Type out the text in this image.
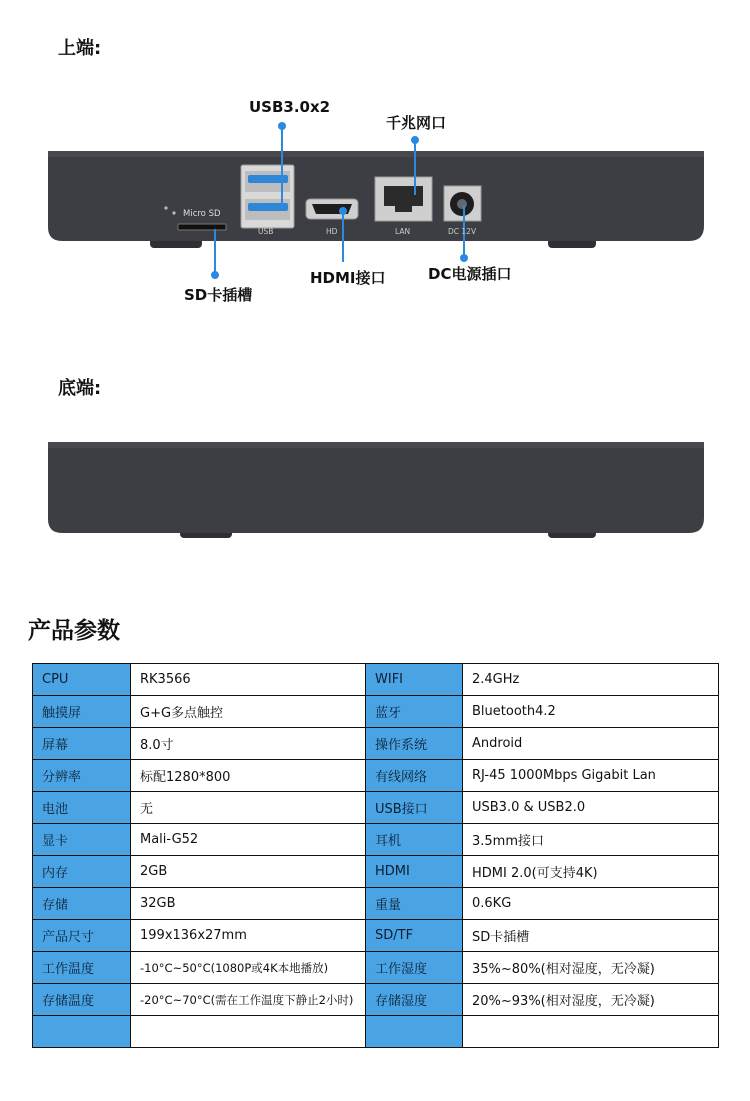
上端:
Micro SD
USB	HD	LAN	DC 12V
USB3.0x2
千兆网口
HDMI接口	DC电源插口
SD卡插槽
底端:
产品参数
CPU	RK3566	WIFI	2.4GHz
触摸屏	G+G多点触控	蓝牙	Bluetooth4.2
屏幕	8.0寸	操作系统	Android
分辨率	标配1280*800	有线网络	RJ-45 1000Mbps Gigabit Lan
电池	无	USB接口	USB3.0 & USB2.0
显卡	Mali-G52	耳机	3.5mm接口
内存	2GB	HDMI	HDMI 2.0(可支持4K)
存储	32GB	重量	0.6KG
产品尺寸	199x136x27mm	SD/TF	SD卡插槽
工作温度	-10°C~50°C(1080P或4K本地播放)	工作湿度	35%~80%(相对湿度，无冷凝)
存储温度	-20°C~70°C(需在工作温度下静止2小时)	存储湿度	20%~93%(相对湿度，无冷凝)
